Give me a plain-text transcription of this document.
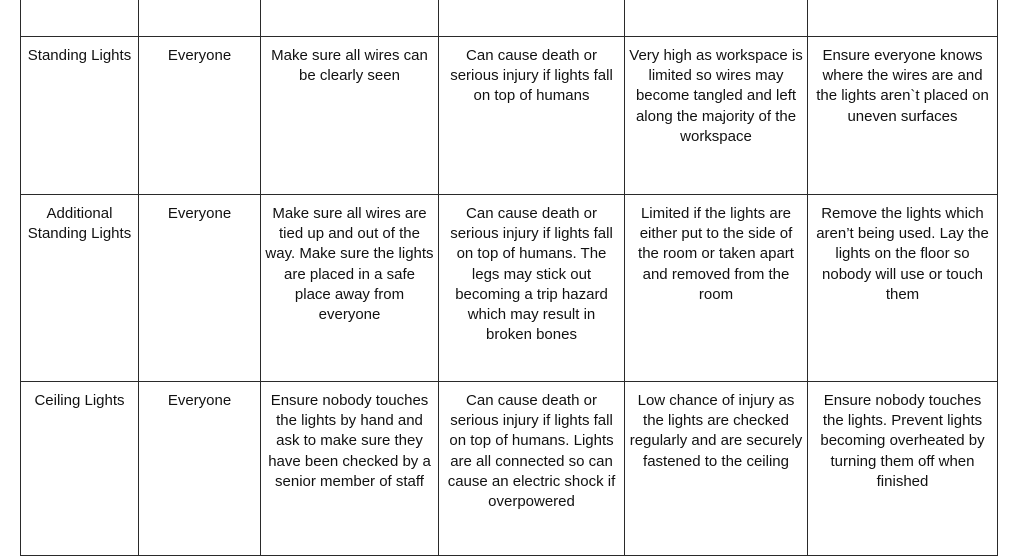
Standing Lights	Everyone	Make sure all wires can be clearly seen	Can cause death or serious injury if lights fall on top of humans	Very high as workspace is limited so wires may become tangled and left along the majority of the workspace	Ensure everyone knows where the wires are and the lights aren`t placed on uneven surfaces
Additional Standing Lights	Everyone	Make sure all wires are tied up and out of the way. Make sure the lights are placed in a safe place away from everyone	Can cause death or serious injury if lights fall on top of humans. The legs may stick out becoming a trip hazard which may result in broken bones	Limited if the lights are either put to the side of the room or taken apart and removed from the room	Remove the lights which aren’t being used. Lay the lights on the floor so nobody will use or touch them
Ceiling Lights	Everyone	Ensure nobody touches the lights by hand and ask to make sure they have been checked by a senior member of staff	Can cause death or serious injury if lights fall on top of humans. Lights are all connected so can cause an electric shock if overpowered	Low chance of injury as the lights are checked regularly and are securely fastened to the ceiling	Ensure nobody touches the lights. Prevent lights becoming overheated by turning them off when finished
